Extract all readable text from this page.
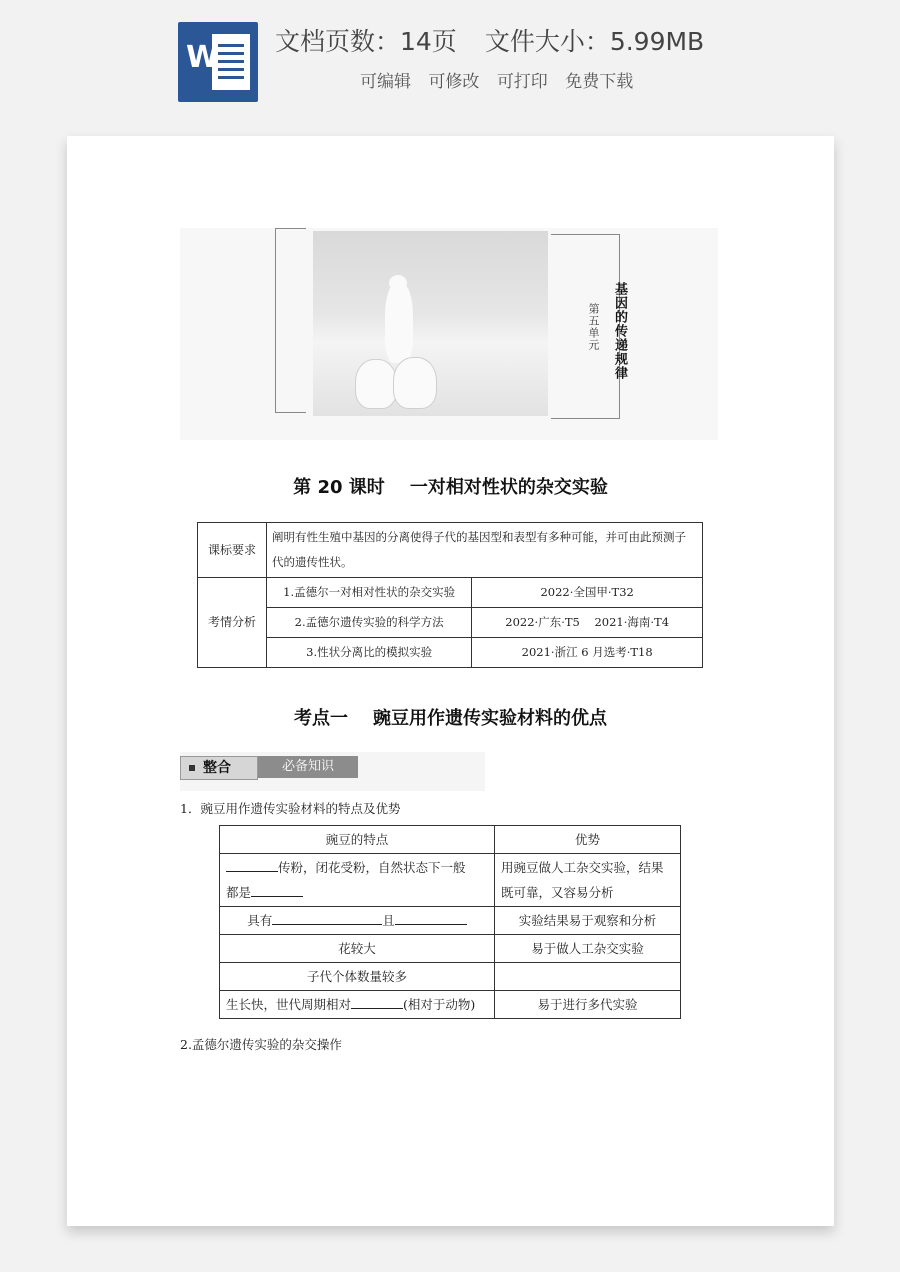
W 文档页数：14页 文件大小：5.99MB
可编辑 可修改 可打印 免费下载
第五单元 基因的传递规律
第 20 课时    一对相对性状的杂交实验
课标要求	阐明有性生殖中基因的分离使得子代的基因型和表型有多种可能，并可由此预测子代的遗传性状。	
考情分析	1.孟德尔一对相对性状的杂交实验	2022·全国甲·T32
	2.孟德尔遗传实验的科学方法	2022·广东·T5    2021·海南·T4
	3.性状分离比的模拟实验	2021·浙江 6 月选考·T18
考点一    豌豆用作遗传实验材料的优点
整合	必备知识
1．豌豆用作遗传实验材料的特点及优势
豌豆的特点	优势
传粉，闭花受粉，自然状态下一般
都是	用豌豆做人工杂交实验，结果既可靠，又容易分析
具有 且	实验结果易于观察和分析
花较大	易于做人工杂交实验
子代个体数量较多	
生长快，世代周期相对 (相对于动物)	易于进行多代实验
2.孟德尔遗传实验的杂交操作
